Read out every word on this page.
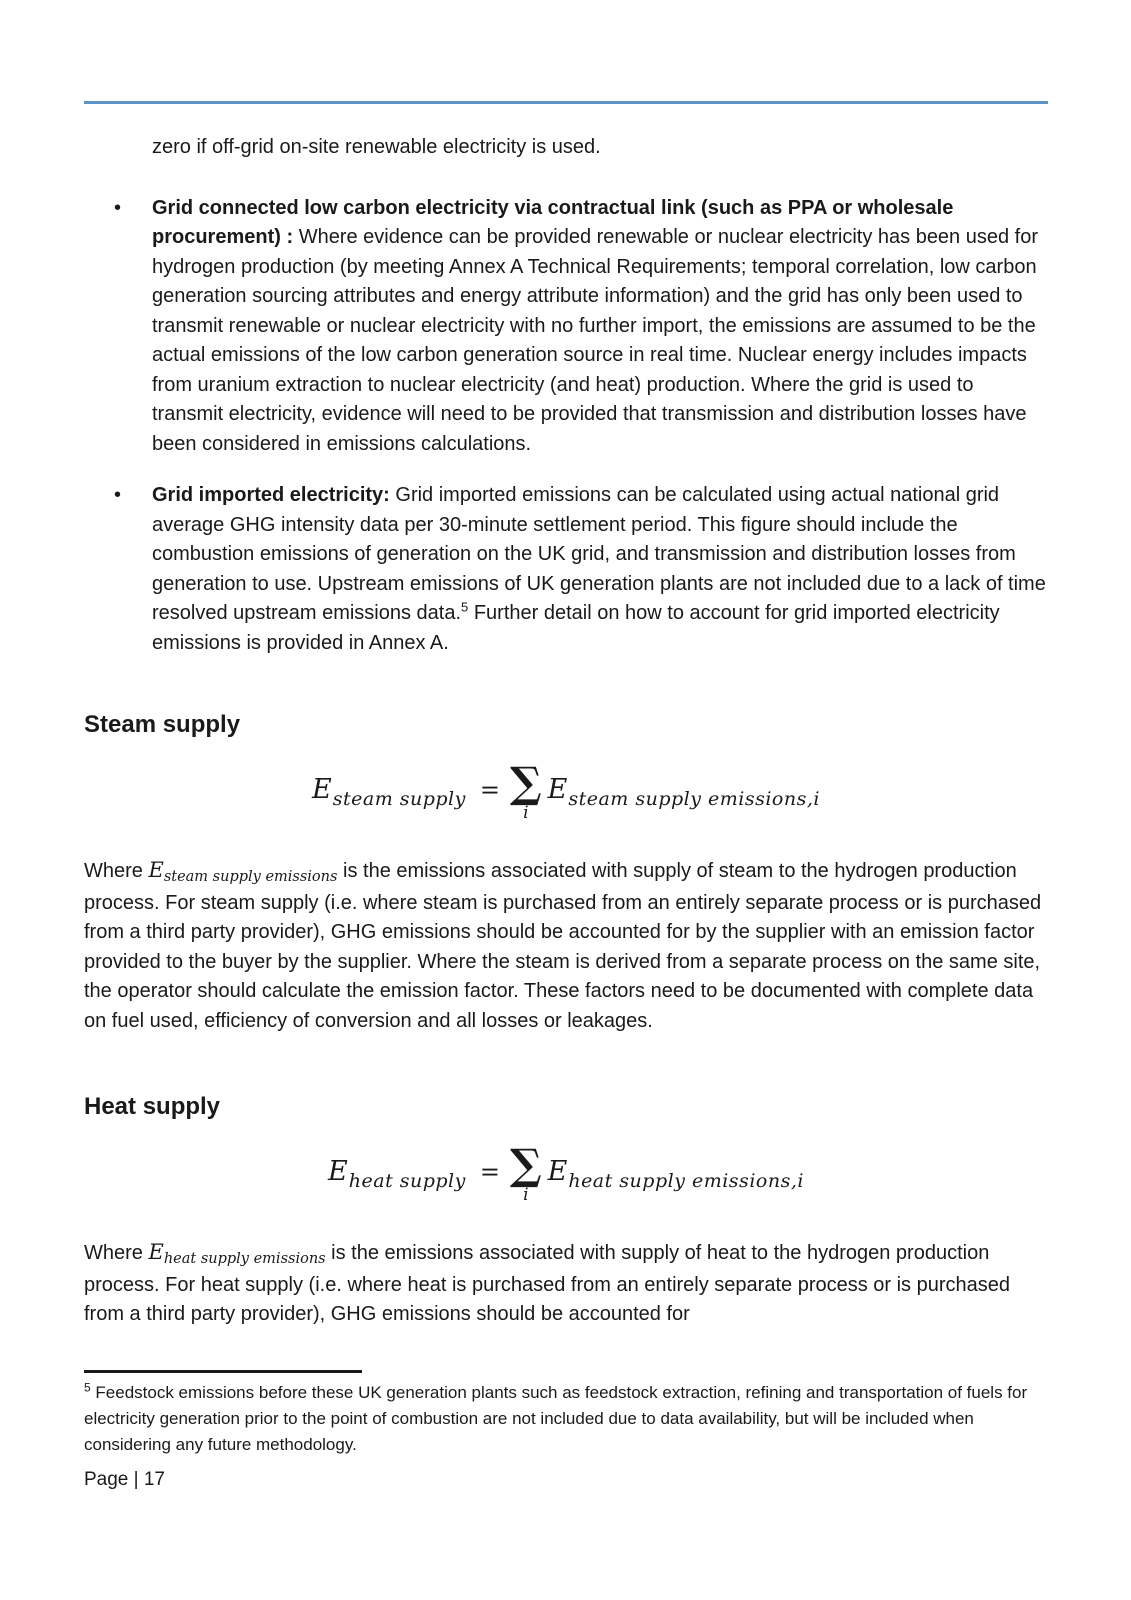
zero if off-grid on-site renewable electricity is used.

• Grid connected low carbon electricity via contractual link (such as PPA or wholesale procurement) : Where evidence can be provided renewable or nuclear electricity has been used for hydrogen production (by meeting Annex A Technical Requirements; temporal correlation, low carbon generation sourcing attributes and energy attribute information) and the grid has only been used to transmit renewable or nuclear electricity with no further import, the emissions are assumed to be the actual emissions of the low carbon generation source in real time. Nuclear energy includes impacts from uranium extraction to nuclear electricity (and heat) production. Where the grid is used to transmit electricity, evidence will need to be provided that transmission and distribution losses have been considered in emissions calculations.
• Grid imported electricity: Grid imported emissions can be calculated using actual national grid average GHG intensity data per 30-minute settlement period. This figure should include the combustion emissions of generation on the UK grid, and transmission and distribution losses from generation to use. Upstream emissions of UK generation plants are not included due to a lack of time resolved upstream emissions data.$^5$ Further detail on how to account for grid imported electricity emissions is provided in Annex A.
Steam supply
Esteam supply = ∑
i
Esteam supply emissions,i

Where $E_{steam supply emissions}$ is the emissions associated with supply of steam to the hydrogen production process. For steam supply (i.e. where steam is purchased from an entirely separate process or is purchased from a third party provider), GHG emissions should be accounted for by the supplier with an emission factor provided to the buyer by the supplier. Where the steam is derived from a separate process on the same site, the operator should calculate the emission factor. These factors need to be documented with complete data on fuel used, efficiency of conversion and all losses or leakages.

Heat supply
Eheat supply = ∑
i
Eheat supply emissions,i

Where $E_{heat supply emissions}$ is the emissions associated with supply of heat to the hydrogen production process. For heat supply (i.e. where heat is purchased from an entirely separate process or is purchased from a third party provider), GHG emissions should be accounted for

$^5$ Feedstock emissions before these UK generation plants such as feedstock extraction, refining and transportation of fuels for electricity generation prior to the point of combustion are not included due to data availability, but will be included when considering any future methodology.

Page | 17
